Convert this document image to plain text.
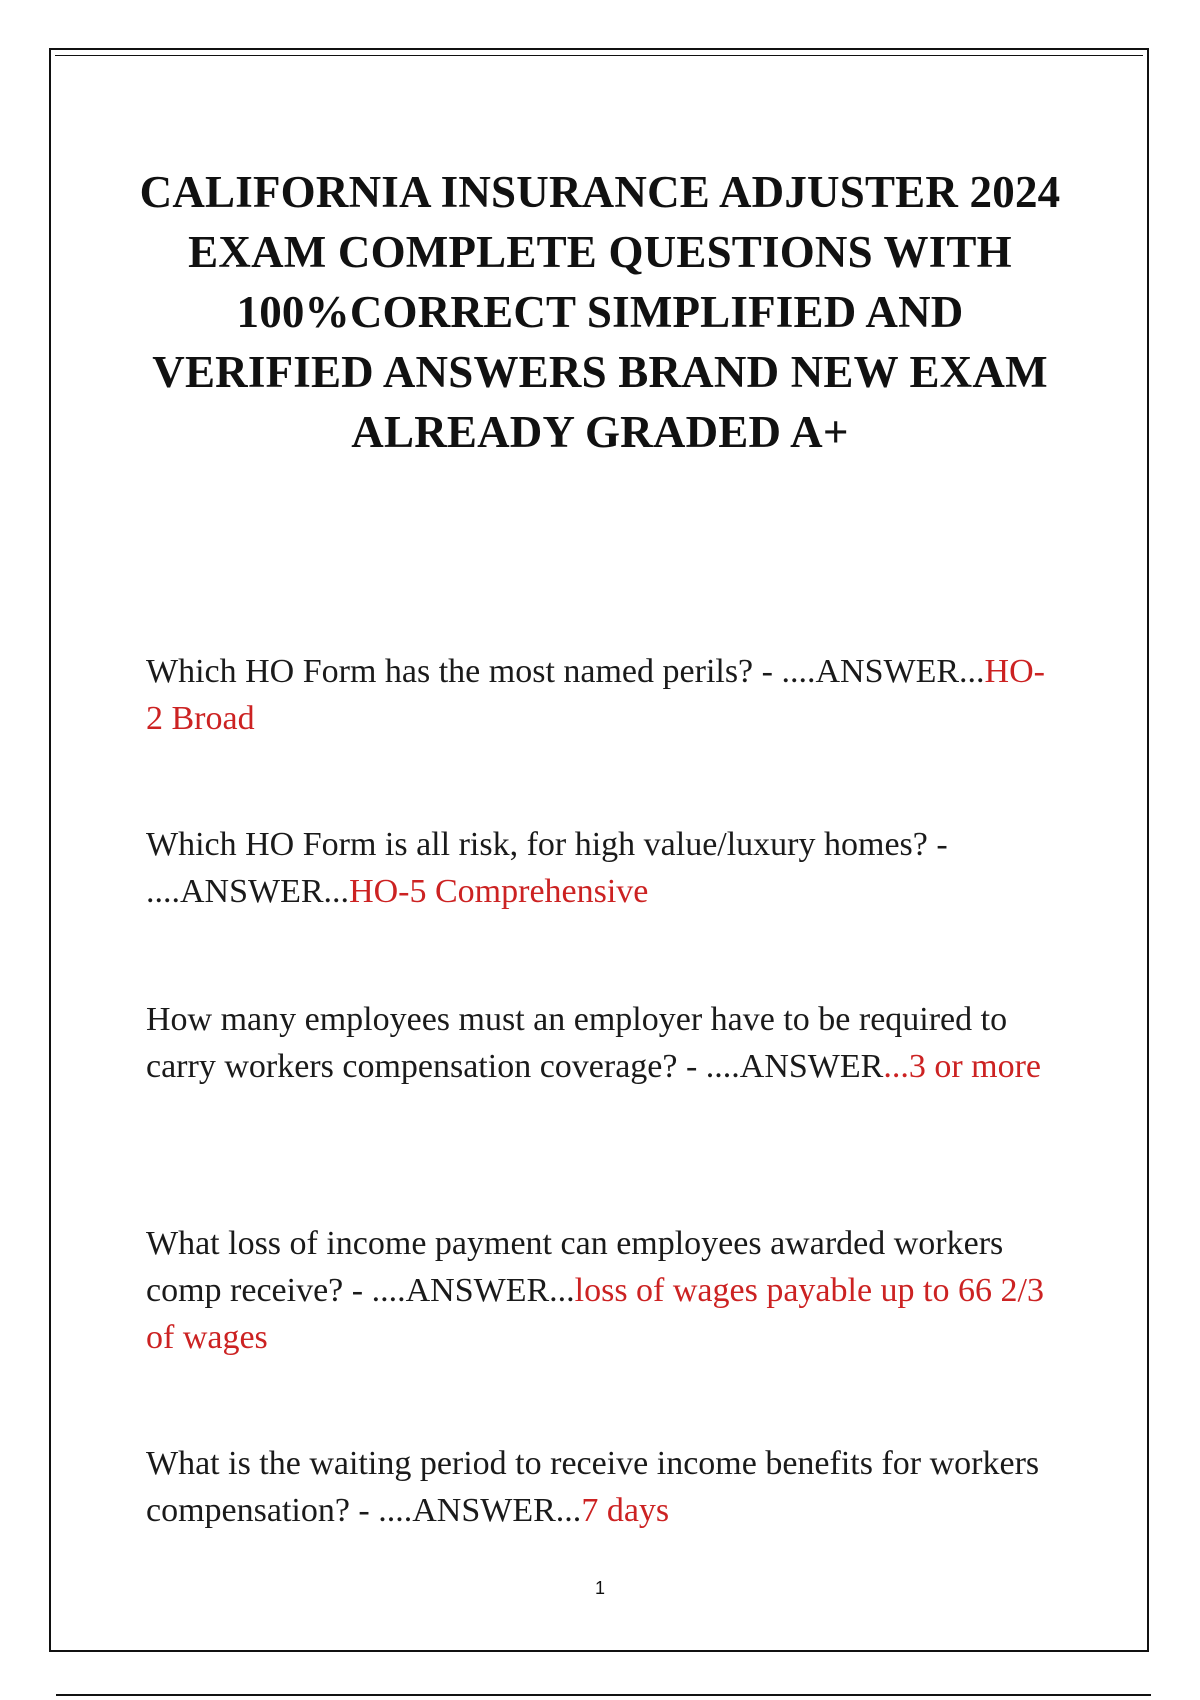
CALIFORNIA INSURANCE ADJUSTER 2024 EXAM COMPLETE QUESTIONS WITH 100%CORRECT SIMPLIFIED AND VERIFIED ANSWERS BRAND NEW EXAM ALREADY GRADED A+

Which HO Form has the most named perils? - ....ANSWER...HO-2 Broad

Which HO Form is all risk, for high value/luxury homes? - ....ANSWER...HO-5 Comprehensive

How many employees must an employer have to be required to carry workers compensation coverage? - ....ANSWER...3 or more

What loss of income payment can employees awarded workers comp receive? - ....ANSWER...loss of wages payable up to 66 2/3 of wages

What is the waiting period to receive income benefits for workers compensation? - ....ANSWER...7 days

1
